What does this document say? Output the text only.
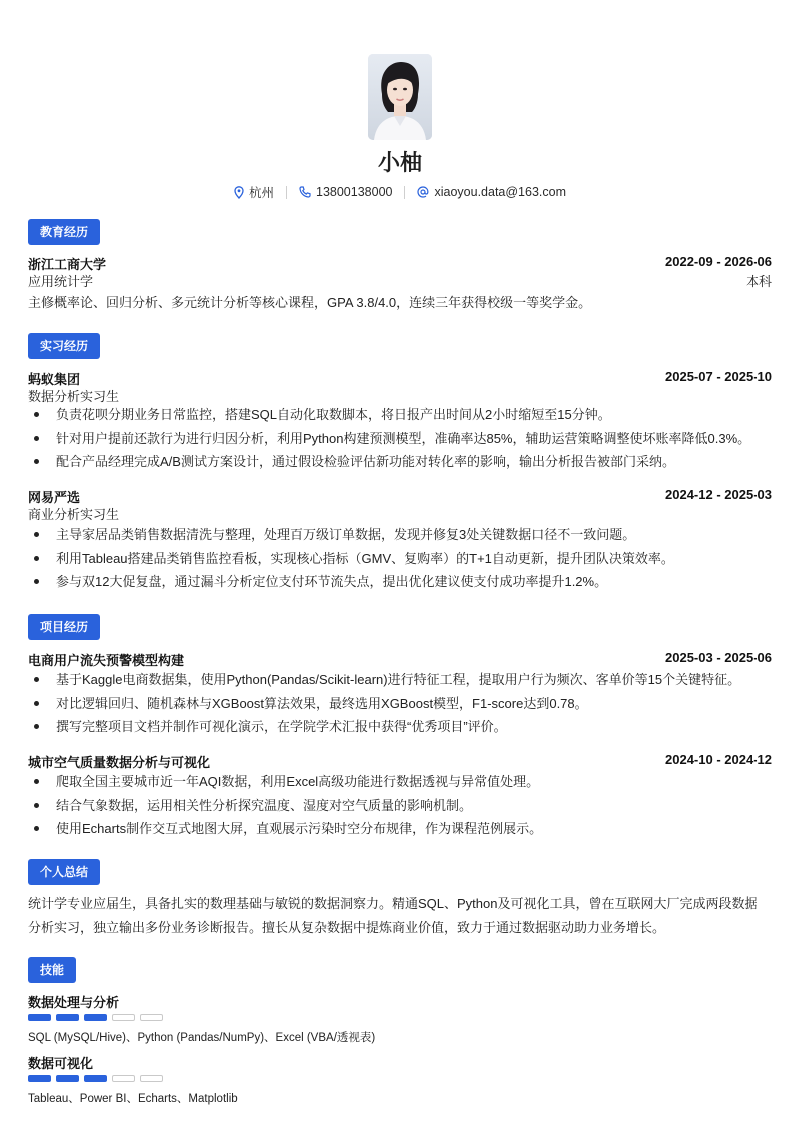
小柚
杭州	13800138000	xiaoyou.data@163.com
教育经历
浙江工商大学	2022-09 - 2026-06
应用统计学	本科
主修概率论、回归分析、多元统计分析等核心课程，GPA 3.8/4.0，连续三年获得校级一等奖学金。
实习经历
蚂蚁集团	2025-07 - 2025-10
数据分析实习生
负责花呗分期业务日常监控，搭建SQL自动化取数脚本，将日报产出时间从2小时缩短至15分钟。
针对用户提前还款行为进行归因分析，利用Python构建预测模型，准确率达85%，辅助运营策略调整使坏账率降低0.3%。
配合产品经理完成A/B测试方案设计，通过假设检验评估新功能对转化率的影响，输出分析报告被部门采纳。
网易严选	2024-12 - 2025-03
商业分析实习生
主导家居品类销售数据清洗与整理，处理百万级订单数据，发现并修复3处关键数据口径不一致问题。
利用Tableau搭建品类销售监控看板，实现核心指标（GMV、复购率）的T+1自动更新，提升团队决策效率。
参与双12大促复盘，通过漏斗分析定位支付环节流失点，提出优化建议使支付成功率提升1.2%。
项目经历
电商用户流失预警模型构建	2025-03 - 2025-06
基于Kaggle电商数据集，使用Python(Pandas/Scikit-learn)进行特征工程，提取用户行为频次、客单价等15个关键特征。
对比逻辑回归、随机森林与XGBoost算法效果，最终选用XGBoost模型，F1-score达到0.78。
撰写完整项目文档并制作可视化演示，在学院学术汇报中获得“优秀项目”评价。
城市空气质量数据分析与可视化	2024-10 - 2024-12
爬取全国主要城市近一年AQI数据，利用Excel高级功能进行数据透视与异常值处理。
结合气象数据，运用相关性分析探究温度、湿度对空气质量的影响机制。
使用Echarts制作交互式地图大屏，直观展示污染时空分布规律，作为课程范例展示。
个人总结
统计学专业应届生，具备扎实的数理基础与敏锐的数据洞察力。精通SQL、Python及可视化工具，曾在互联网大厂完成两段数据
分析实习，独立输出多份业务诊断报告。擅长从复杂数据中提炼商业价值，致力于通过数据驱动助力业务增长。
技能
数据处理与分析
SQL (MySQL/Hive)、Python (Pandas/NumPy)、Excel (VBA/透视表)
数据可视化
Tableau、Power BI、Echarts、Matplotlib
